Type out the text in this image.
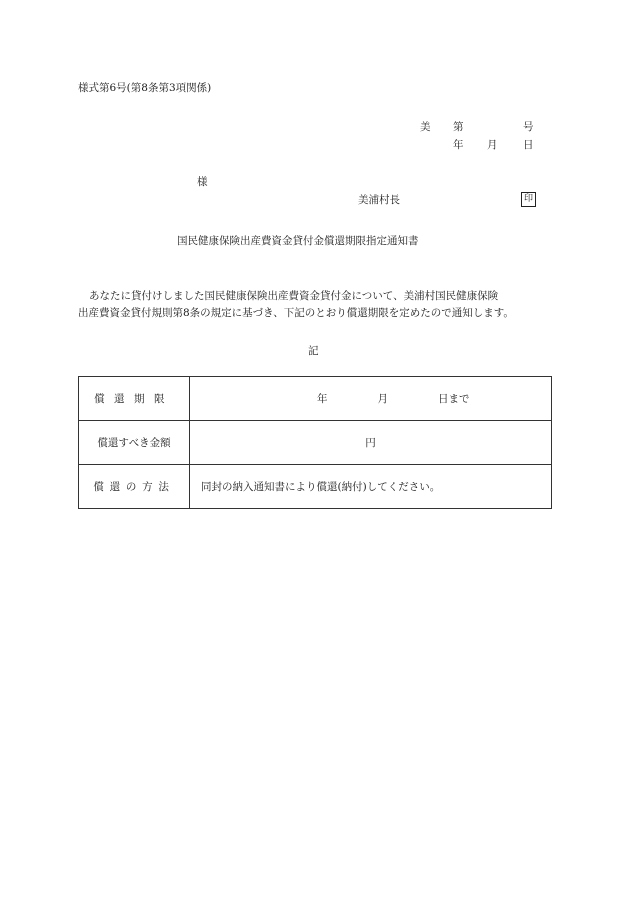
様式第6号(第8条第3項関係)
美 第	号
年 月 日
様
美浦村長	印
国民健康保険出産費資金貸付金償還期限指定通知書

あなたに貸付けしました国民健康保険出産費資金貸付金について、美浦村国民健康保険

出産費資金貸付規則第8条の規定に基づき、下記のとおり償還期限を定めたので通知します。

記
償還期限	年 月 日まで
償還すべき金額	円
償還の方法	同封の納入通知書により償還(納付)してください。
